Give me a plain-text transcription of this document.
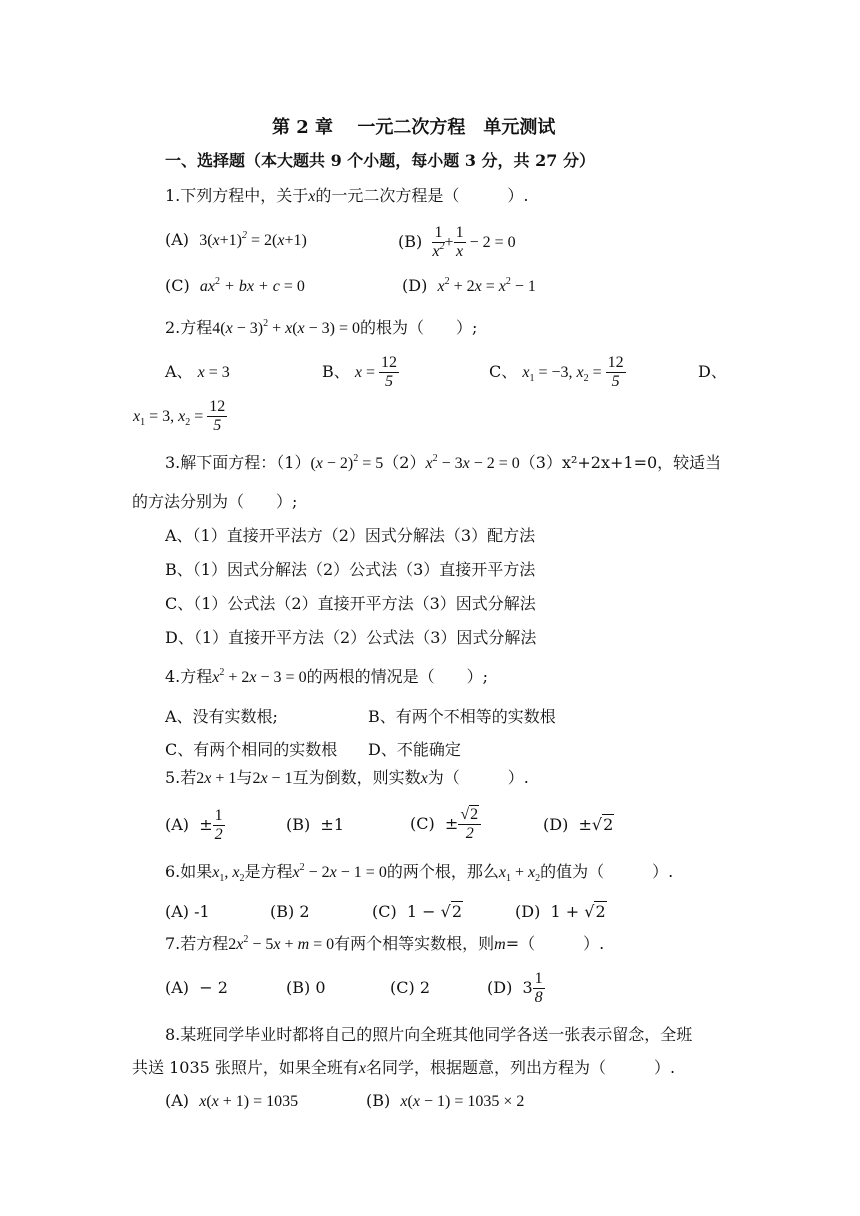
第 2 章　 一元二次方程　单元测试
一、选择题（本大题共 9 个小题，每小题 3 分，共 27 分）
1.下列方程中，关于x的一元二次方程是（　　　）.
(A) $3(x+1)^2 = 2(x+1)$	$(B) \frac{1}{x^2} + \frac{1}{x} - 2 = 0$
(C) $ax^2$ + bx + c = 0	(D) $x^2 + 2x = x^2 - 1$
2.方程$4(x - 3)^2 + x(x - 3) = 0$的根为（　　）;
A、 x = 3	B、 $x = \frac{12}{5}$	C、 $x_1 = -3$, $x_2 = \frac{12}{5}$	D、
$x_1 = 3$, $x_2 = \frac{12}{5}$
3.解下面方程：$(1)(x - 2)^2 = 5(2)x^2 - 3x - 2 = 0(3)x^2+2x+1=0$，较适当
的方法分别为（　　）;
A、（1）直接开平法方（2）因式分解法（3）配方法
B、（1）因式分解法（2）公式法（3）直接开平方法
C、（1）公式法（2）直接开平方法（3）因式分解法
D、（1）直接开平方法（2）公式法（3）因式分解法
4.方程$x^2 + 2x - 3 = 0$的两根的情况是（　　）;
A、没有实数根;	B、有两个不相等的实数根
C、有两个相同的实数根 D、不能确定
5.若2x + 1与2x − 1互为倒数，则实数x为（　　　）.
$(A) \pm \frac{1}{2}$	(B)  ±1	$(C) \pm \frac{√2}{2}$	(D)  ±√2
6.如果$x_1$, $x_2$是方程$x^2 - 2x - 1 = 0$的两个根，那么$x_1 + x_2$的值为（　　　）.
(A) -1	(B) 2	(C)  1 − √2	(D)  1 + √2
7.若方程$2x^2 - 5x + m = 0$有两个相等实数根，则m=（　　　）.
(A)  − 2	(B) 0	(C) 2	(D)  $3 \frac{1}{8}$
8.某班同学毕业时都将自己的照片向全班其他同学各送一张表示留念，全班
共送 1035 张照片，如果全班有x名同学，根据题意，列出方程为（　　　）.
(A) x(x + 1) = 1035	(B) x(x − 1) = 1035 × 2
